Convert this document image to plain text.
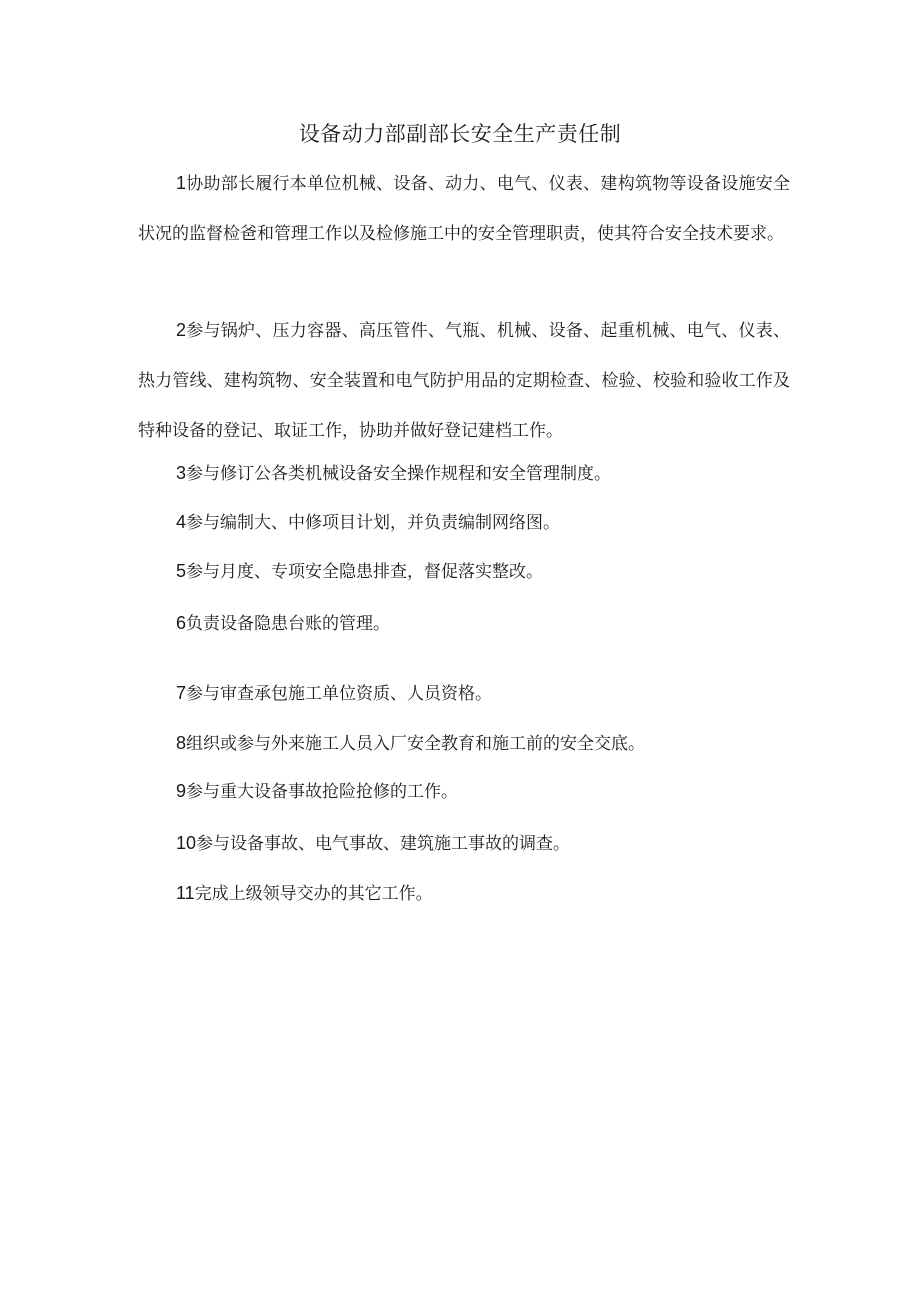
设备动力部副部长安全生产责任制

1协助部长履行本单位机械、设备、动力、电气、仪表、建构筑物等设备设施安全状况的监督检爸和管理工作以及检修施工中的安全管理职责，使其符合安全技术要求。

2参与锅炉、压力容器、高压管件、气瓶、机械、设备、起重机械、电气、仪表、热力管线、建构筑物、安全装置和电气防护用品的定期检查、检验、校验和验收工作及特种设备的登记、取证工作，协助并做好登记建档工作。

3参与修订公各类机械设备安全操作规程和安全管理制度。

4参与编制大、中修项目计划，并负责编制网络图。

5参与月度、专项安全隐患排查，督促落实整改。

6负责设备隐患台账的管理。

7参与审查承包施工单位资质、人员资格。

8组织或参与外来施工人员入厂安全教育和施工前的安全交底。

9参与重大设备事故抢险抢修的工作。

10参与设备事故、电气事故、建筑施工事故的调查。

11完成上级领导交办的其它工作。
